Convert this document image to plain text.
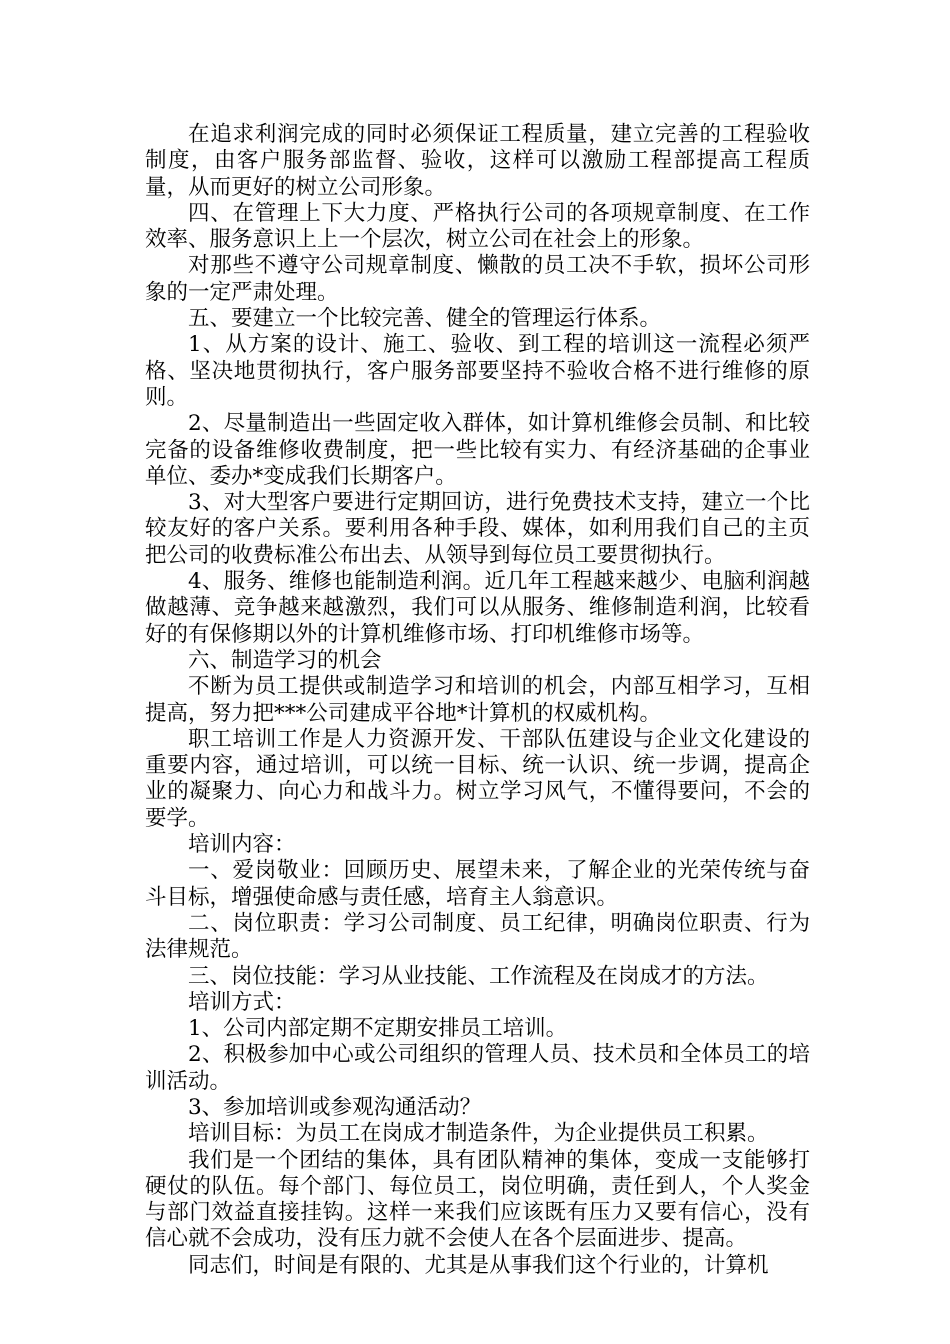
在追求利润完成的同时必须保证工程质量，建立完善的工程验收制度，由客户服务部监督、验收，这样可以激励工程部提高工程质量，从而更好的树立公司形象。

四、在管理上下大力度、严格执行公司的各项规章制度、在工作效率、服务意识上上一个层次，树立公司在社会上的形象。

对那些不遵守公司规章制度、懒散的员工决不手软，损坏公司形象的一定严肃处理。

五、要建立一个比较完善、健全的管理运行体系。

1、从方案的设计、施工、验收、到工程的培训这一流程必须严格、坚决地贯彻执行，客户服务部要坚持不验收合格不进行维修的原则。

2、尽量制造出一些固定收入群体，如计算机维修会员制、和比较完备的设备维修收费制度，把一些比较有实力、有经济基础的企事业单位、委办*变成我们长期客户。

3、对大型客户要进行定期回访，进行免费技术支持，建立一个比较友好的客户关系。要利用各种手段、媒体，如利用我们自己的主页把公司的收费标准公布出去、从领导到每位员工要贯彻执行。

4、服务、维修也能制造利润。近几年工程越来越少、电脑利润越做越薄、竞争越来越激烈，我们可以从服务、维修制造利润，比较看好的有保修期以外的计算机维修市场、打印机维修市场等。

六、制造学习的机会

不断为员工提供或制造学习和培训的机会，内部互相学习，互相提高，努力把***公司建成平谷地*计算机的权威机构。

职工培训工作是人力资源开发、干部队伍建设与企业文化建设的重要内容，通过培训，可以统一目标、统一认识、统一步调，提高企业的凝聚力、向心力和战斗力。树立学习风气，不懂得要问，不会的要学。

培训内容：

一、爱岗敬业：回顾历史、展望未来，了解企业的光荣传统与奋斗目标，增强使命感与责任感，培育主人翁意识。

二、岗位职责：学习公司制度、员工纪律，明确岗位职责、行为法律规范。

三、岗位技能：学习从业技能、工作流程及在岗成才的方法。

培训方式：

1、公司内部定期不定期安排员工培训。

2、积极参加中心或公司组织的管理人员、技术员和全体员工的培训活动。

3、参加培训或参观沟通活动？

培训目标：为员工在岗成才制造条件，为企业提供员工积累。

我们是一个团结的集体，具有团队精神的集体，变成一支能够打硬仗的队伍。每个部门、每位员工，岗位明确，责任到人，个人奖金与部门效益直接挂钩。这样一来我们应该既有压力又要有信心，没有信心就不会成功，没有压力就不会使人在各个层面进步、提高。

同志们，时间是有限的、尤其是从事我们这个行业的，计算机
